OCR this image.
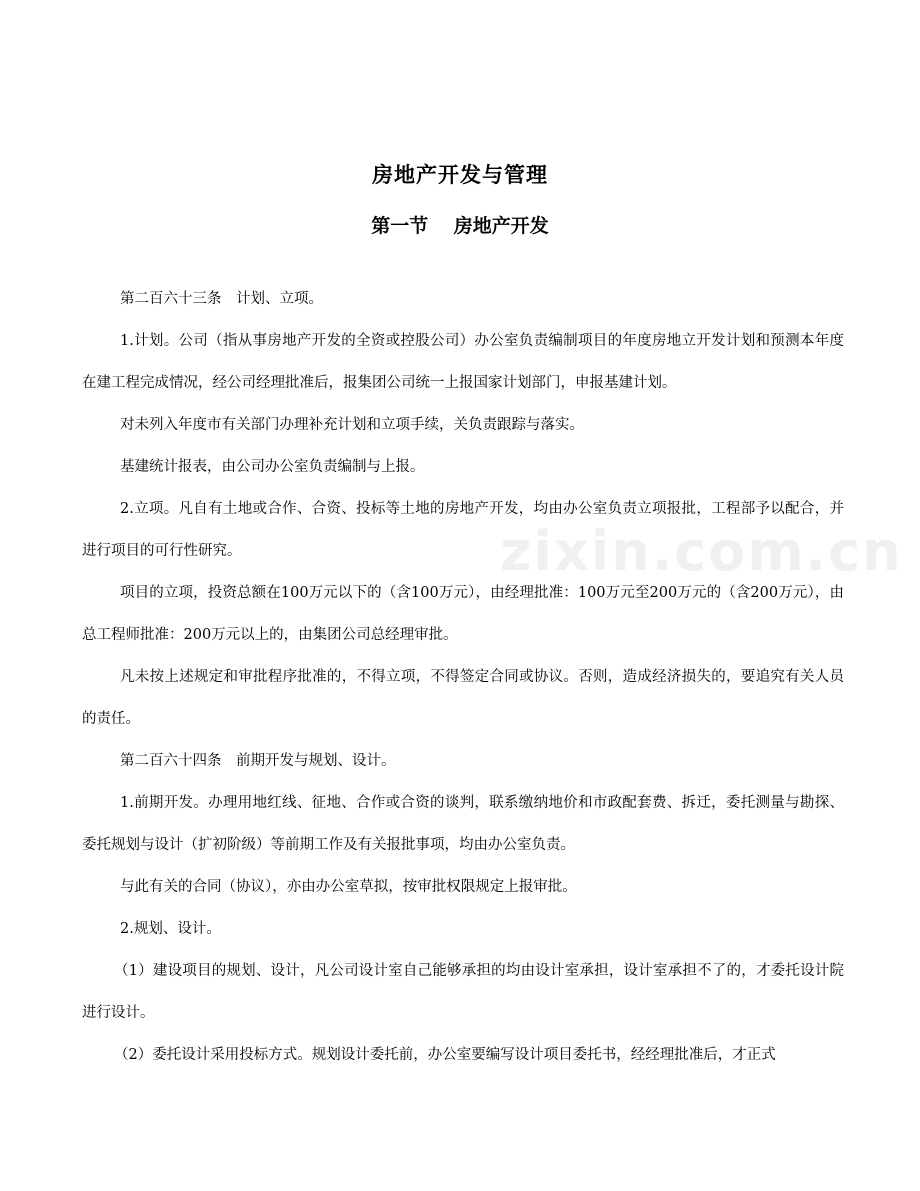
房地产开发与管理
第一节　 房地产开发
zixin.com.cn

第二百六十三条　计划、立项。

1.计划。公司（指从事房地产开发的全资或控股公司）办公室负责编制项目的年度房地立开发计划和预测本年度在建工程完成情况，经公司经理批准后，报集团公司统一上报国家计划部门，申报基建计划。

对未列入年度市有关部门办理补充计划和立项手续，关负责跟踪与落实。

基建统计报表，由公司办公室负责编制与上报。

2.立项。凡自有土地或合作、合资、投标等土地的房地产开发，均由办公室负责立项报批，工程部予以配合，并进行项目的可行性研究。

项目的立项，投资总额在100万元以下的（含100万元），由经理批准：100万元至200万元的（含200万元），由总工程师批准：200万元以上的，由集团公司总经理审批。

凡未按上述规定和审批程序批准的，不得立项，不得签定合同或协议。否则，造成经济损失的，要追究有关人员的责任。

第二百六十四条　前期开发与规划、设计。

1.前期开发。办理用地红线、征地、合作或合资的谈判，联系缴纳地价和市政配套费、拆迁，委托测量与勘探、委托规划与设计（扩初阶级）等前期工作及有关报批事项，均由办公室负责。

与此有关的合同（协议），亦由办公室草拟，按审批权限规定上报审批。

2.规划、设计。

（1）建设项目的规划、设计，凡公司设计室自己能够承担的均由设计室承担，设计室承担不了的，才委托设计院进行设计。

（2）委托设计采用投标方式。规划设计委托前，办公室要编写设计项目委托书，经经理批准后，才正式
